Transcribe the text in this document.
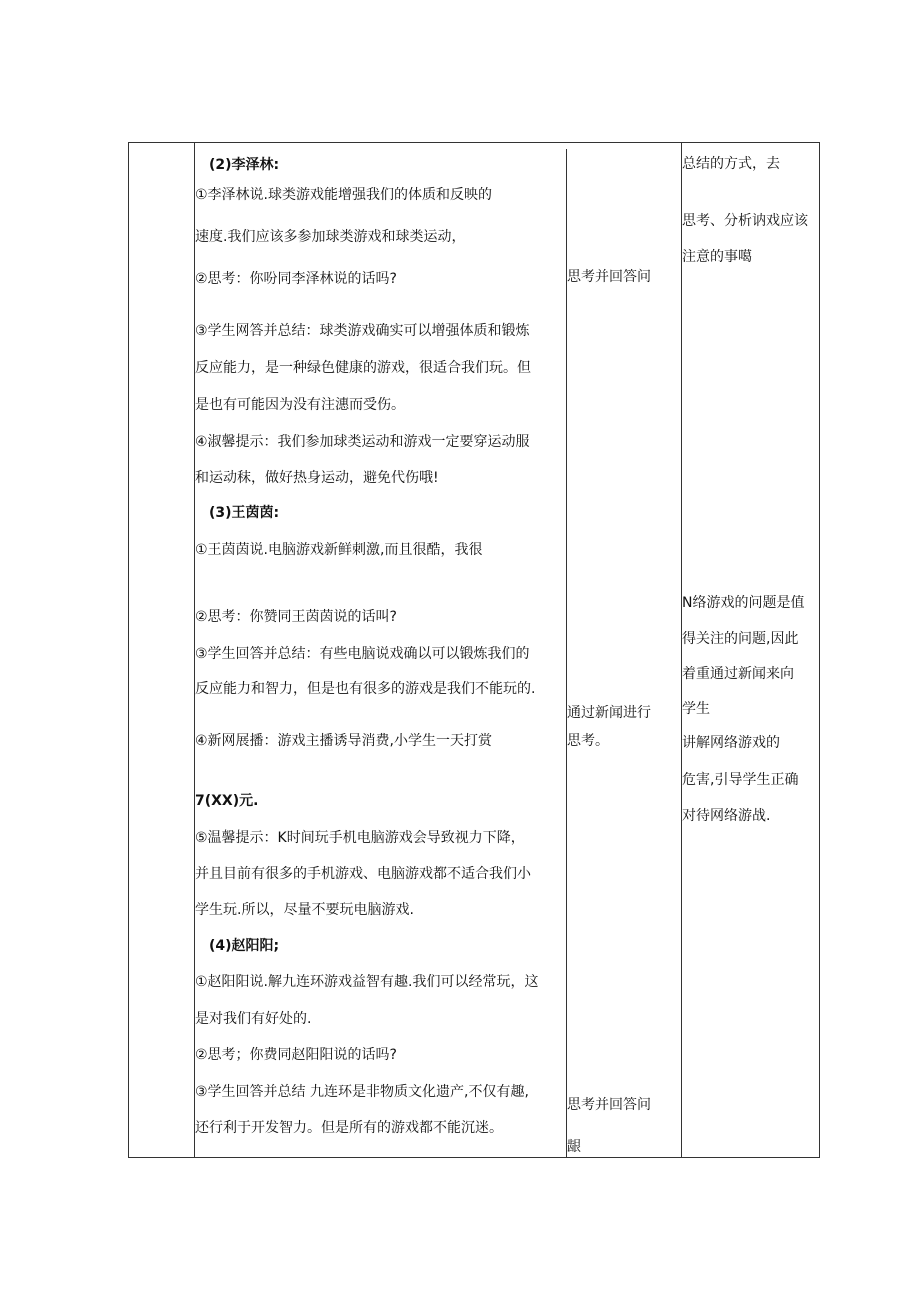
(2)李泽林:
①李泽林说.球类游戏能增强我们的体质和反映的
速度.我们应该多参加球类游戏和球类运动，
②思考：你吩同李泽林说的话吗?
③学生网答并总结：球类游戏确实可以增强体质和锻炼
反应能力，是一种绿色健康的游戏，很适合我们玩。但
是也有可能因为没有注潓而受伤。
④淑馨提示：我们参加球类运动和游戏一定要穿运动服
和运动秣，做好热身运动，避免代伤哦!
(3)王茵茵:
①王茵茵说.电脑游戏新鲜刺激,而且很酷，我很
②思考：你赞同王茵茵说的话叫?
③学生回答并总结：有些电脑说戏确以可以锻炼我们的
反应能力和智力，但是也有很多的游戏是我们不能玩的.
④新网展播：游戏主播诱导消费,小学生一天打赏
7(XX)元.
⑤温馨提示：K时间玩手机电脑游戏会导致视力下降，
并且目前有很多的手机游戏、电脑游戏都不适合我们小
学生玩.所以，尽量不要玩电脑游戏.
(4)赵阳阳;
①赵阳阳说.解九连环游戏益智有趣.我们可以经常玩，这
是对我们有好处的.
②思考；你费同赵阳阳说的话吗?
③学生回答并总结 九连环是非物质文化遗产,不仅有趣,
还行利于开发智力。但是所有的游戏都不能沉迷。
思考并回答问
通过新闻进行
思考。
思考并回答问
龈
总结的方式，去
思考、分析讷戏应该
注意的事噶
N络游戏的问题是值
得关注的问题,因此
着重通过新闻来向
学生
讲解网络游戏的
危害,引导学生正确
对待网络游战.
